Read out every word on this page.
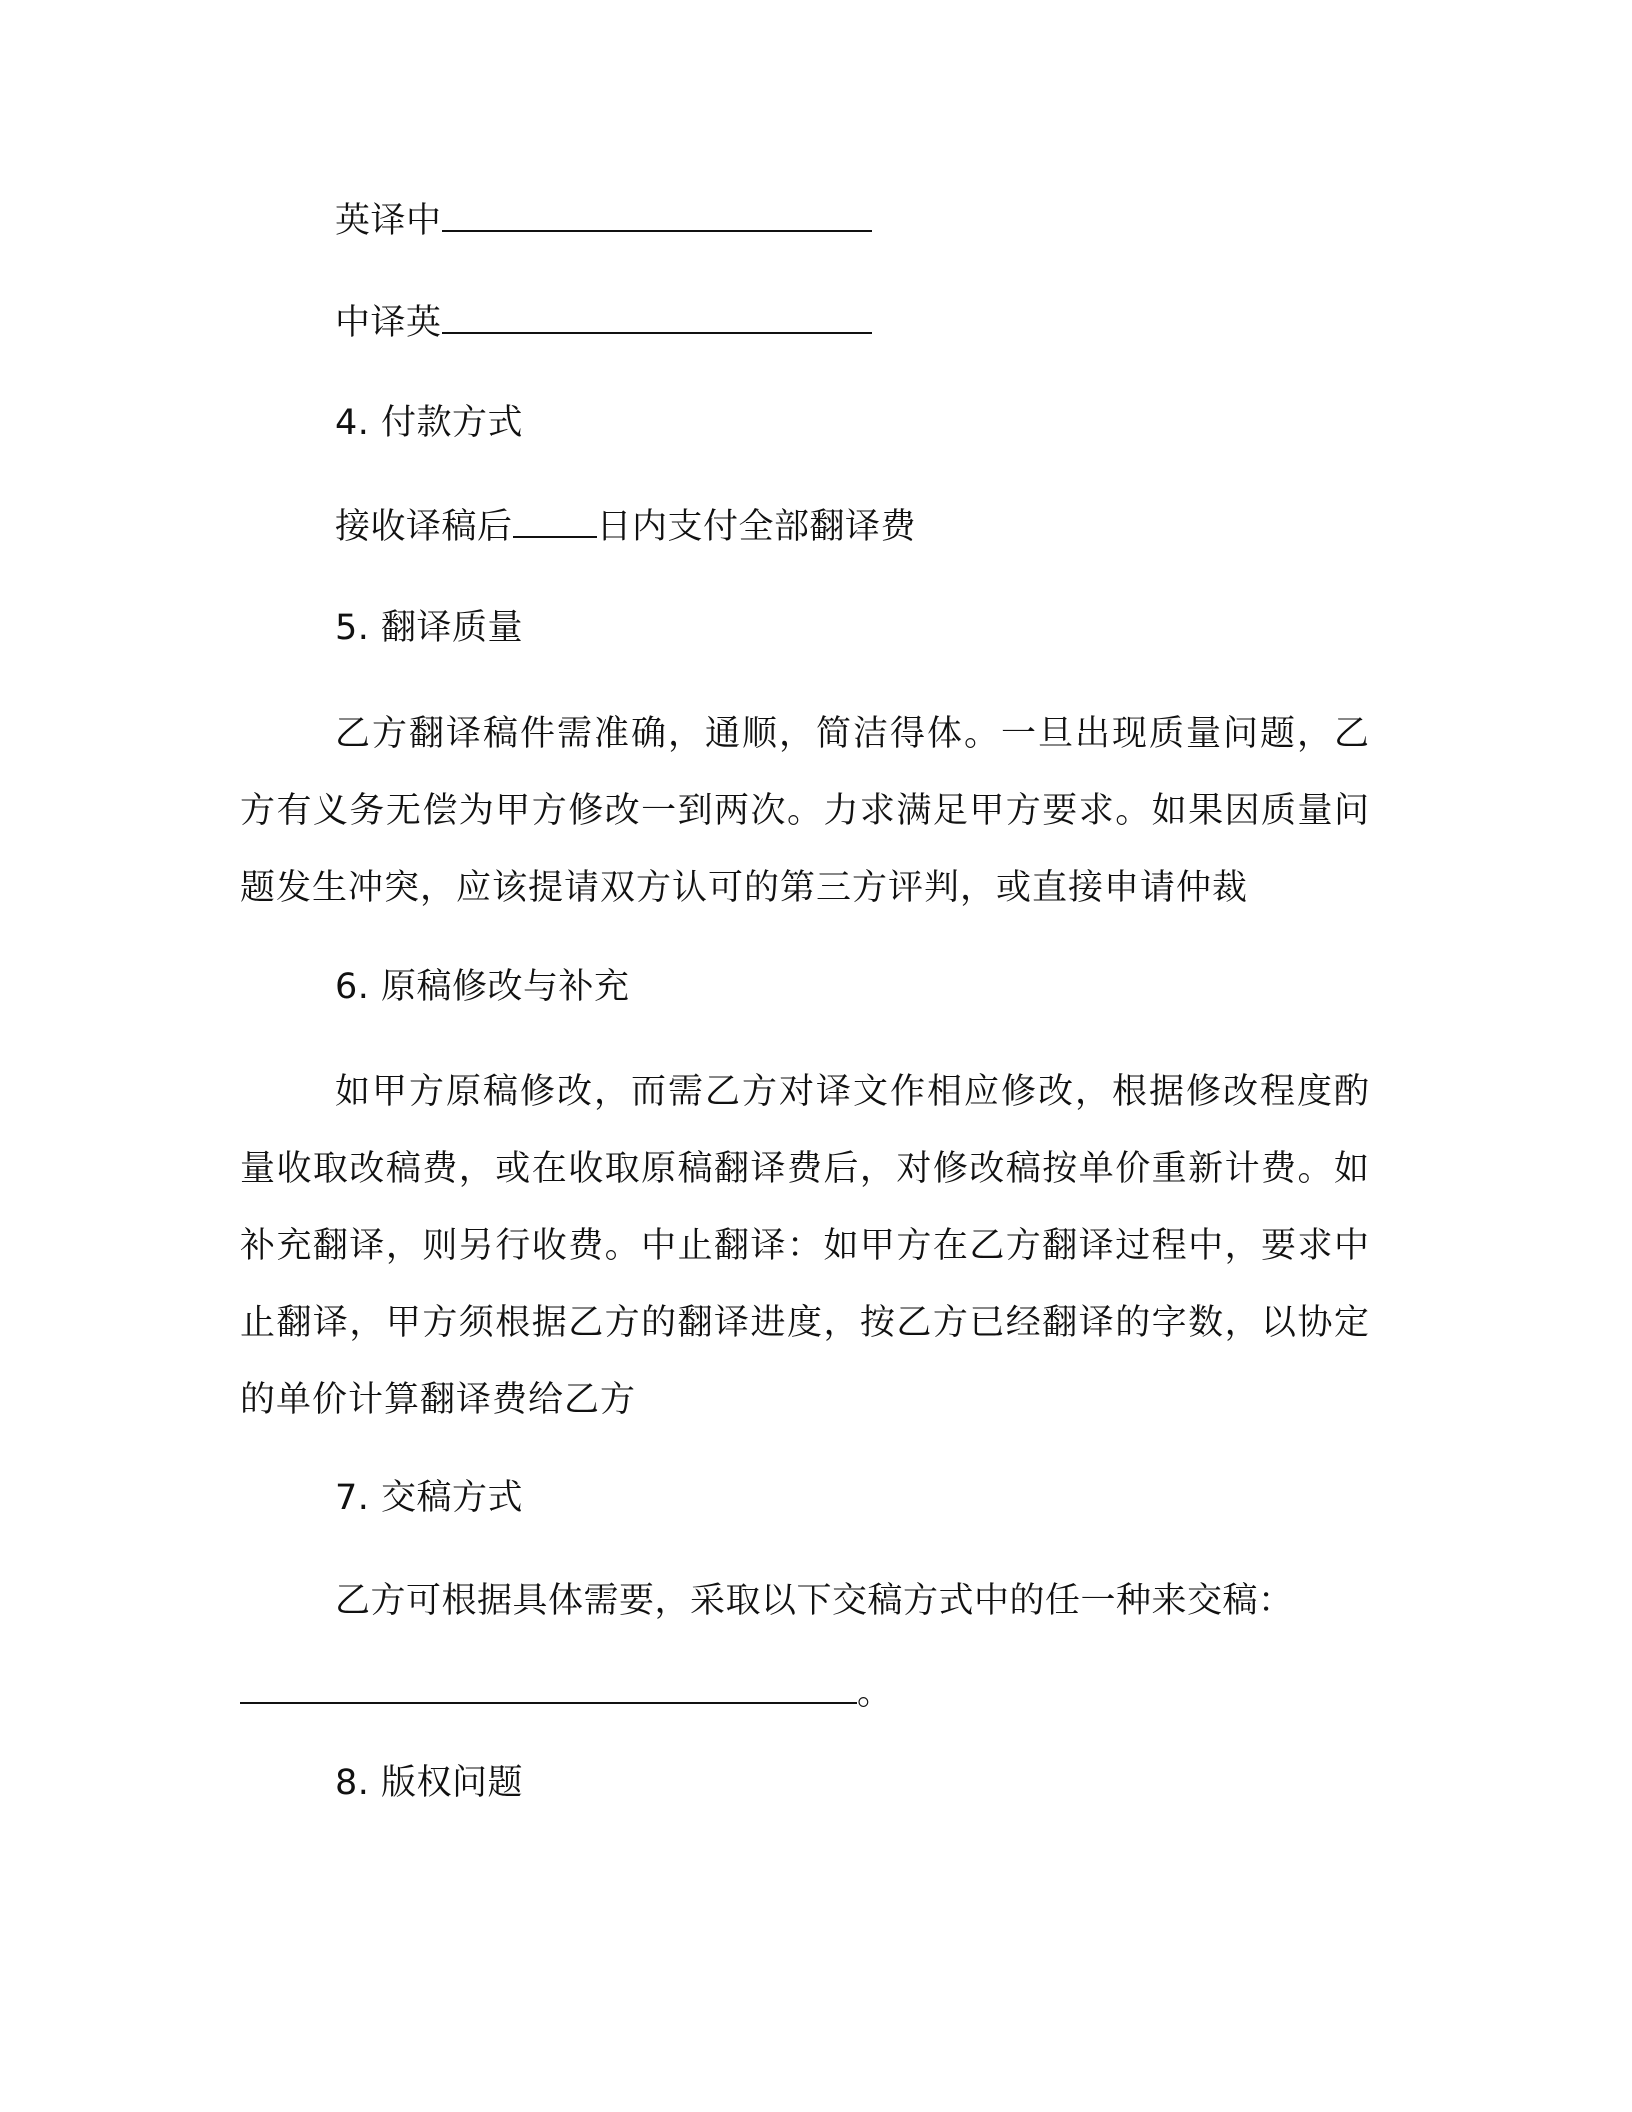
英译中
中译英
4. 付款方式
接收译稿后 日内支付全部翻译费
5. 翻译质量
乙方翻译稿件需准确，通顺，简洁得体。一旦出现质量问题，乙方有义务无偿为甲方修改一到两次。力求满足甲方要求。如果因质量问题发生冲突，应该提请双方认可的第三方评判，或直接申请仲裁
6. 原稿修改与补充
如甲方原稿修改，而需乙方对译文作相应修改，根据修改程度酌量收取改稿费，或在收取原稿翻译费后，对修改稿按单价重新计费。如补充翻译，则另行收费。中止翻译：如甲方在乙方翻译过程中，要求中止翻译，甲方须根据乙方的翻译进度，按乙方已经翻译的字数，以协定的单价计算翻译费给乙方
7. 交稿方式
乙方可根据具体需要，采取以下交稿方式中的任一种来交稿：
。
8. 版权问题
